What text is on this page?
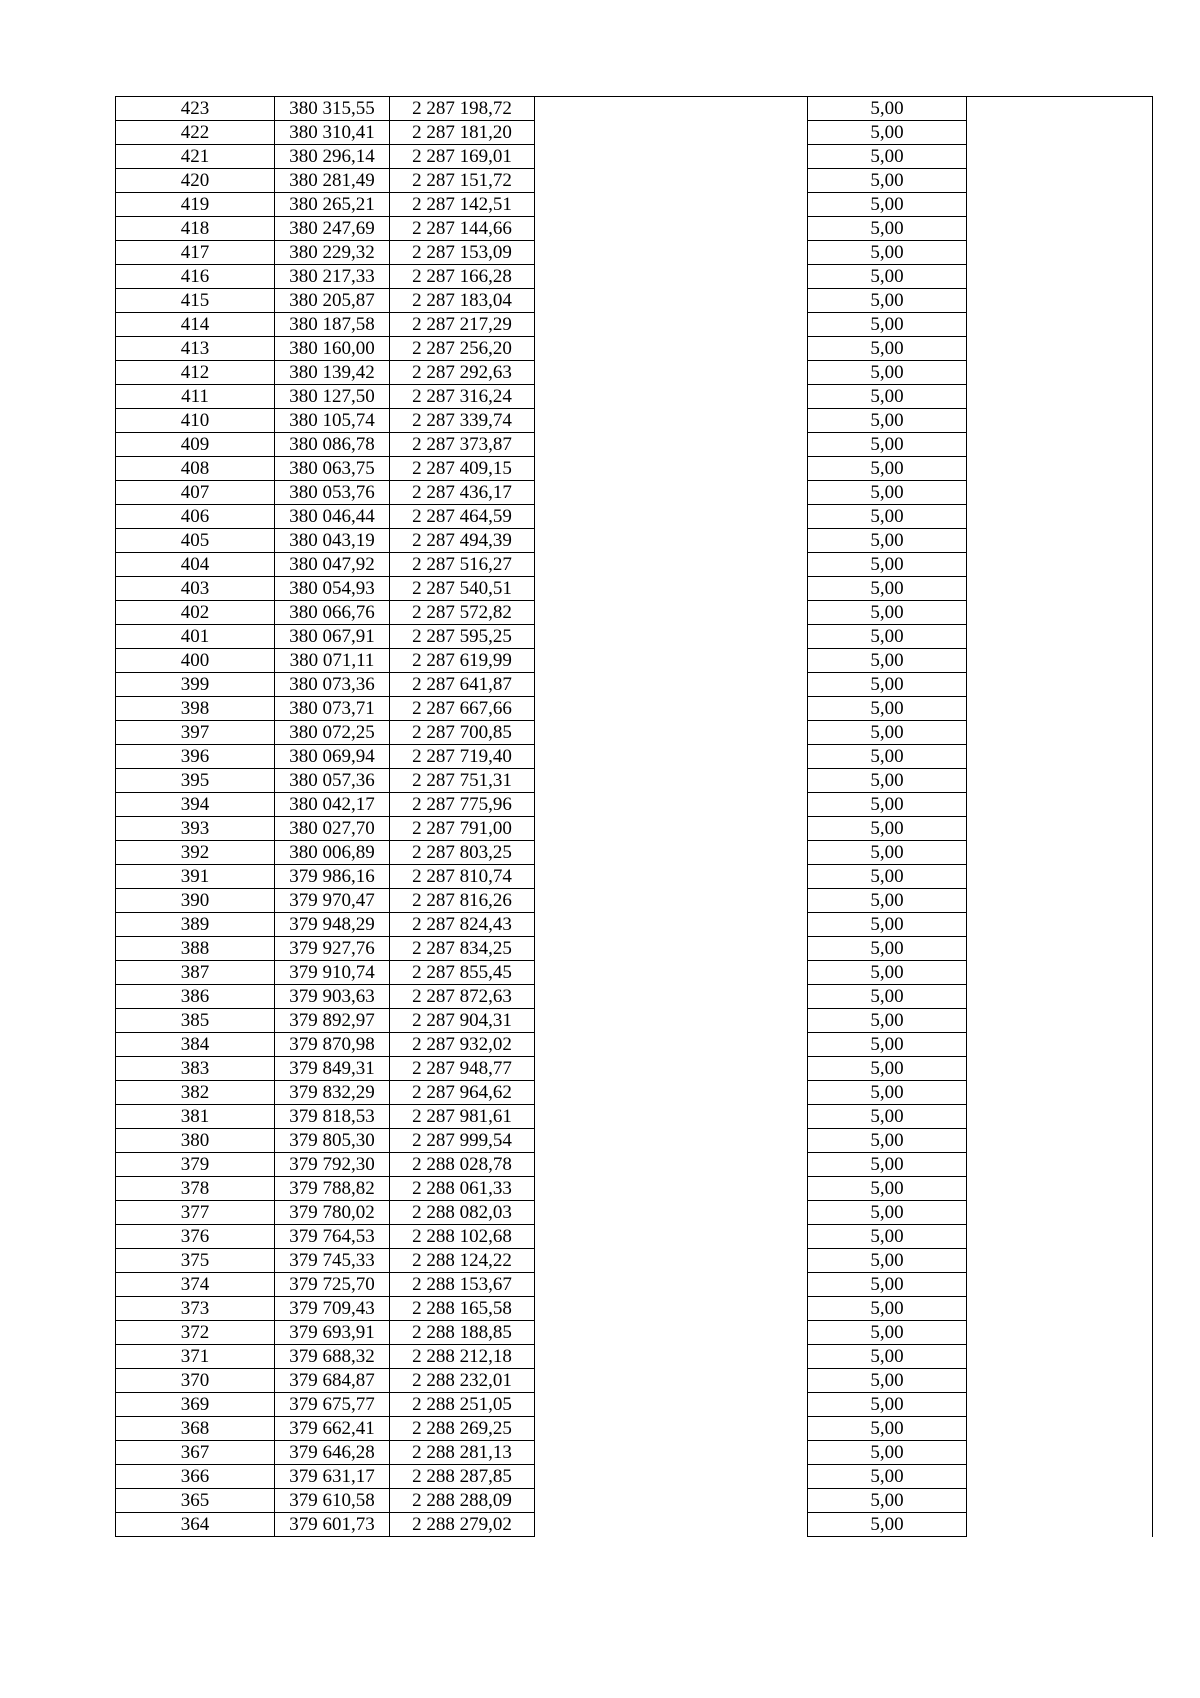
423	380 315,55	2 287 198,72		5,00	
422	380 310,41	2 287 181,20		5,00	
421	380 296,14	2 287 169,01		5,00	
420	380 281,49	2 287 151,72		5,00	
419	380 265,21	2 287 142,51		5,00	
418	380 247,69	2 287 144,66		5,00	
417	380 229,32	2 287 153,09		5,00	
416	380 217,33	2 287 166,28		5,00	
415	380 205,87	2 287 183,04		5,00	
414	380 187,58	2 287 217,29		5,00	
413	380 160,00	2 287 256,20		5,00	
412	380 139,42	2 287 292,63		5,00	
411	380 127,50	2 287 316,24		5,00	
410	380 105,74	2 287 339,74		5,00	
409	380 086,78	2 287 373,87		5,00	
408	380 063,75	2 287 409,15		5,00	
407	380 053,76	2 287 436,17		5,00	
406	380 046,44	2 287 464,59		5,00	
405	380 043,19	2 287 494,39		5,00	
404	380 047,92	2 287 516,27		5,00	
403	380 054,93	2 287 540,51		5,00	
402	380 066,76	2 287 572,82		5,00	
401	380 067,91	2 287 595,25		5,00	
400	380 071,11	2 287 619,99		5,00	
399	380 073,36	2 287 641,87		5,00	
398	380 073,71	2 287 667,66		5,00	
397	380 072,25	2 287 700,85		5,00	
396	380 069,94	2 287 719,40		5,00	
395	380 057,36	2 287 751,31		5,00	
394	380 042,17	2 287 775,96		5,00	
393	380 027,70	2 287 791,00		5,00	
392	380 006,89	2 287 803,25		5,00	
391	379 986,16	2 287 810,74		5,00	
390	379 970,47	2 287 816,26		5,00	
389	379 948,29	2 287 824,43		5,00	
388	379 927,76	2 287 834,25		5,00	
387	379 910,74	2 287 855,45		5,00	
386	379 903,63	2 287 872,63		5,00	
385	379 892,97	2 287 904,31		5,00	
384	379 870,98	2 287 932,02		5,00	
383	379 849,31	2 287 948,77		5,00	
382	379 832,29	2 287 964,62		5,00	
381	379 818,53	2 287 981,61		5,00	
380	379 805,30	2 287 999,54		5,00	
379	379 792,30	2 288 028,78		5,00	
378	379 788,82	2 288 061,33		5,00	
377	379 780,02	2 288 082,03		5,00	
376	379 764,53	2 288 102,68		5,00	
375	379 745,33	2 288 124,22		5,00	
374	379 725,70	2 288 153,67		5,00	
373	379 709,43	2 288 165,58		5,00	
372	379 693,91	2 288 188,85		5,00	
371	379 688,32	2 288 212,18		5,00	
370	379 684,87	2 288 232,01		5,00	
369	379 675,77	2 288 251,05		5,00	
368	379 662,41	2 288 269,25		5,00	
367	379 646,28	2 288 281,13		5,00	
366	379 631,17	2 288 287,85		5,00	
365	379 610,58	2 288 288,09		5,00	
364	379 601,73	2 288 279,02		5,00	
